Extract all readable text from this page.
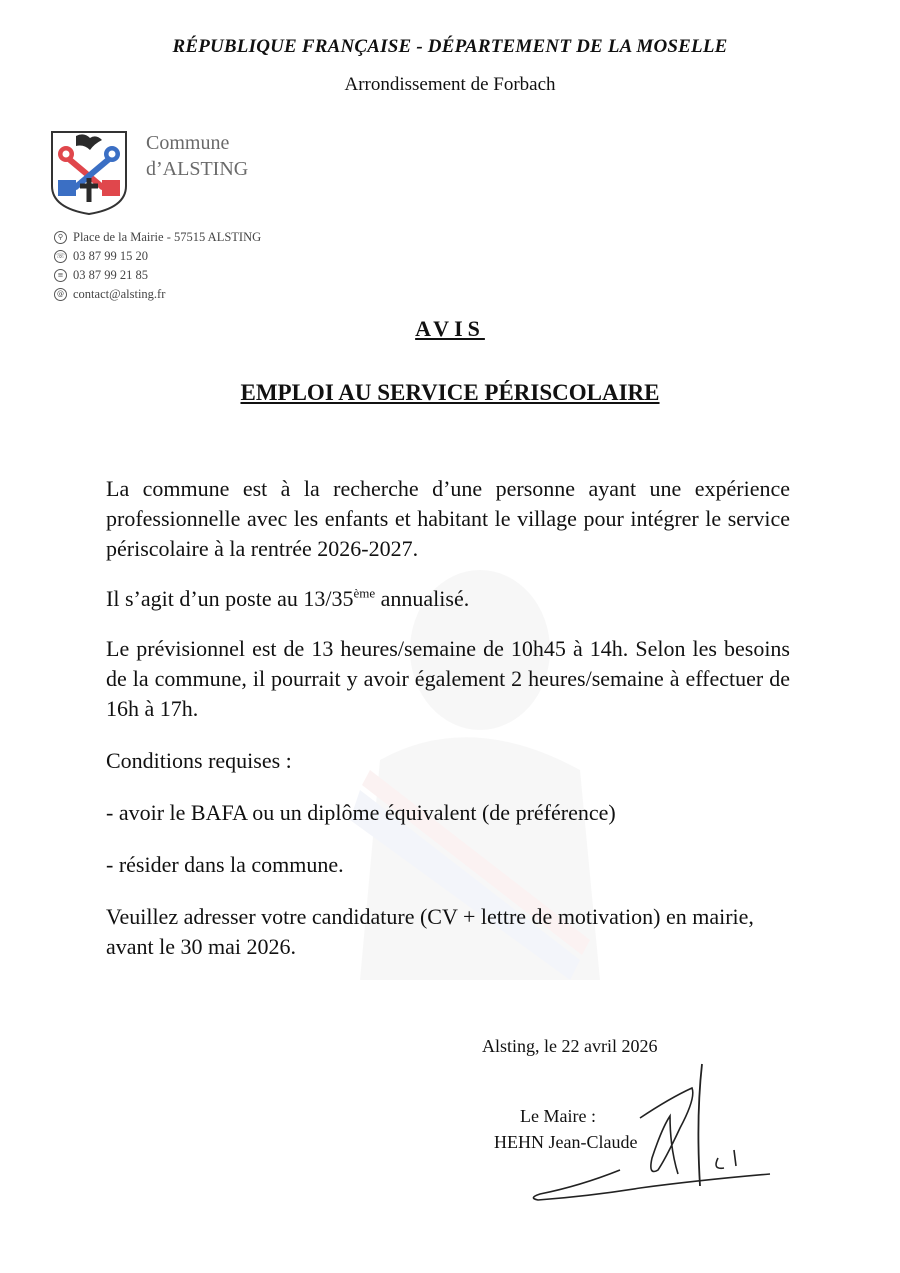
RÉPUBLIQUE FRANÇAISE - DÉPARTEMENT DE LA MOSELLE
Arrondissement de Forbach
Commune
d’ALSTING
⚲ Place de la Mairie - 57515 ALSTING
☏ 03 87 99 15 20
≡ 03 87 99 21 85
@ contact@alsting.fr
AVIS
EMPLOI AU SERVICE PÉRISCOLAIRE

La commune est à la recherche d’une personne ayant une expérience professionnelle avec les enfants et habitant le village pour intégrer le service périscolaire à la rentrée 2026-2027.

Il s’agit d’un poste au 13/35ème annualisé.

Le prévisionnel est de 13 heures/semaine de 10h45 à 14h. Selon les besoins de la commune, il pourrait y avoir également 2 heures/semaine à effectuer de 16h à 17h.

Conditions requises :

- avoir le BAFA ou un diplôme équivalent (de préférence)

- résider dans la commune.

Veuillez adresser votre candidature (CV + lettre de motivation) en mairie, avant le 30 mai 2026.

Alsting, le 22 avril 2026
Le Maire :
HEHN Jean-Claude
